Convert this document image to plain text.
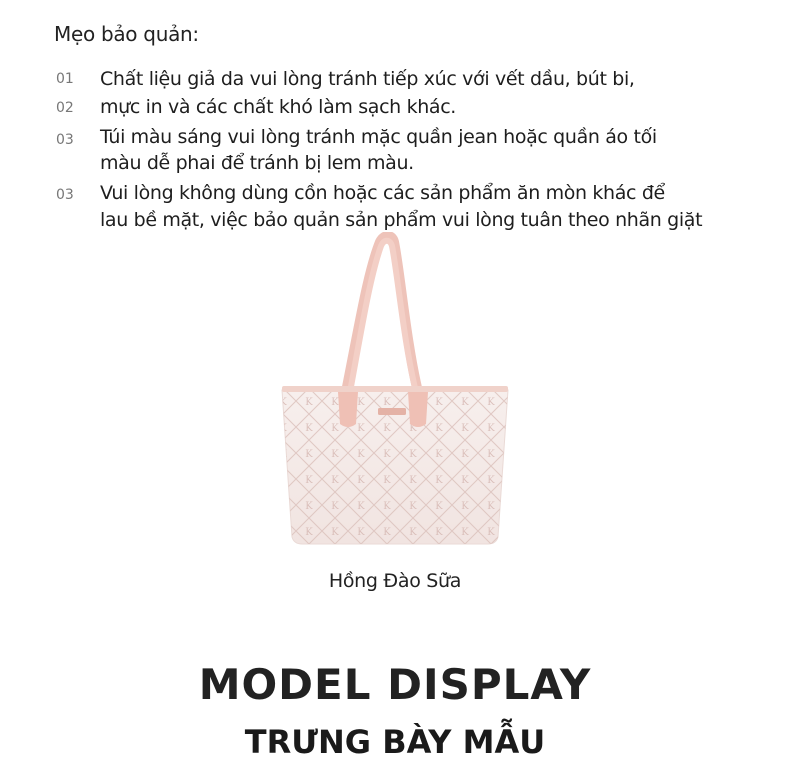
Mẹo bảo quản:
01 Chất liệu giả da vui lòng tránh tiếp xúc với vết dầu, bút bi,
02 mực in và các chất khó làm sạch khác.
03 Túi màu sáng vui lòng tránh mặc quần jean hoặc quần áo tối
màu dễ phai để tránh bị lem màu.
03 Vui lòng không dùng cồn hoặc các sản phẩm ăn mòn khác để
lau bề mặt, việc bảo quản sản phẩm vui lòng tuân theo nhãn giặt
Hồng Đào Sữa
MODEL DISPLAY
TRƯNG BÀY MẪU
